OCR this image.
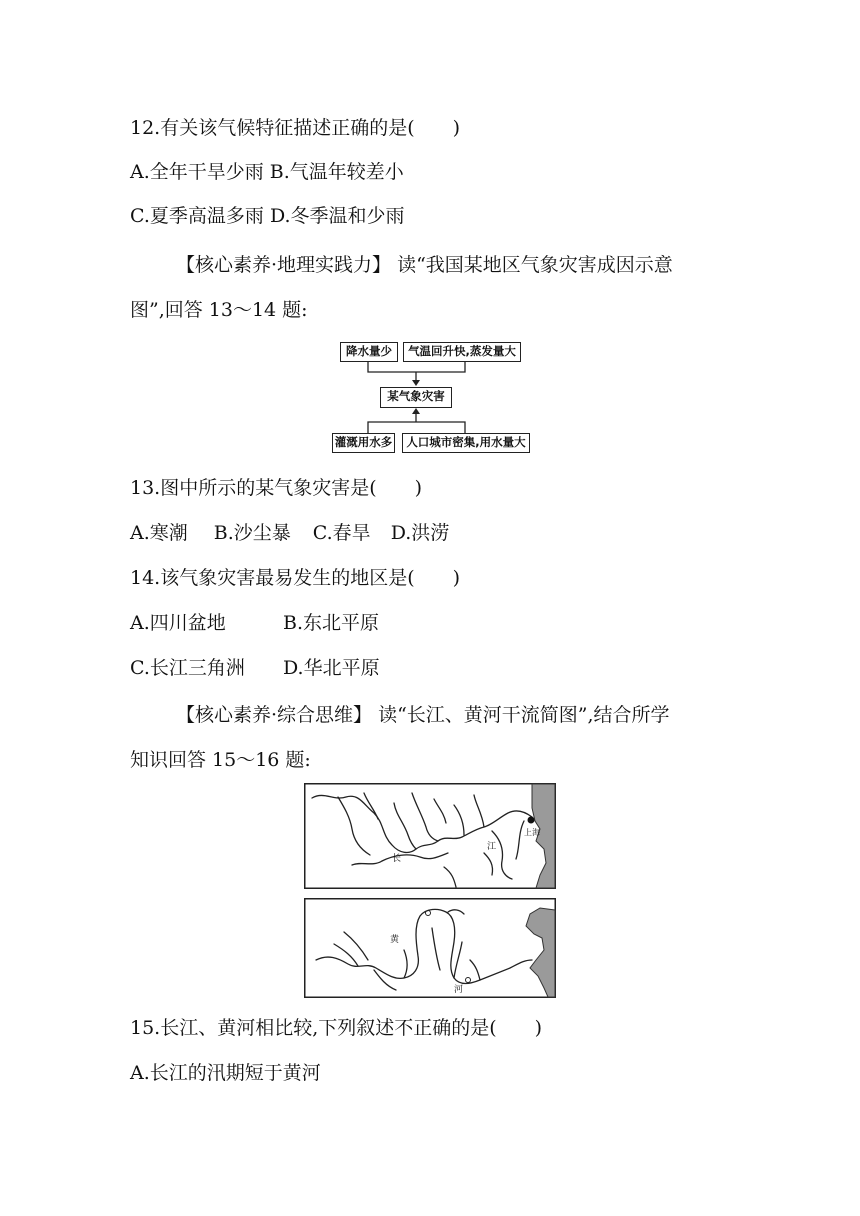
12.有关该气候特征描述正确的是(　　)
A.全年干旱少雨 B.气温年较差小
C.夏季高温多雨 D.冬季温和少雨
【核心素养·地理实践力】 读“我国某地区气象灾害成因示意
图”,回答 13～14 题:
降水量少	气温回升快,蒸发量大
某气象灾害
灌溉用水多	人口城市密集,用水量大
13.图中所示的某气象灾害是(　　)
A.寒潮 B.沙尘暴 C.春旱 D.洪涝
14.该气象灾害最易发生的地区是(　　)
A.四川盆地	B.东北平原
C.长江三角洲 D.华北平原
【核心素养·综合思维】 读“长江、黄河干流简图”,结合所学
知识回答 15～16 题:
长
江
上海
黄
河
15.长江、黄河相比较,下列叙述不正确的是(　　)
A.长江的汛期短于黄河
